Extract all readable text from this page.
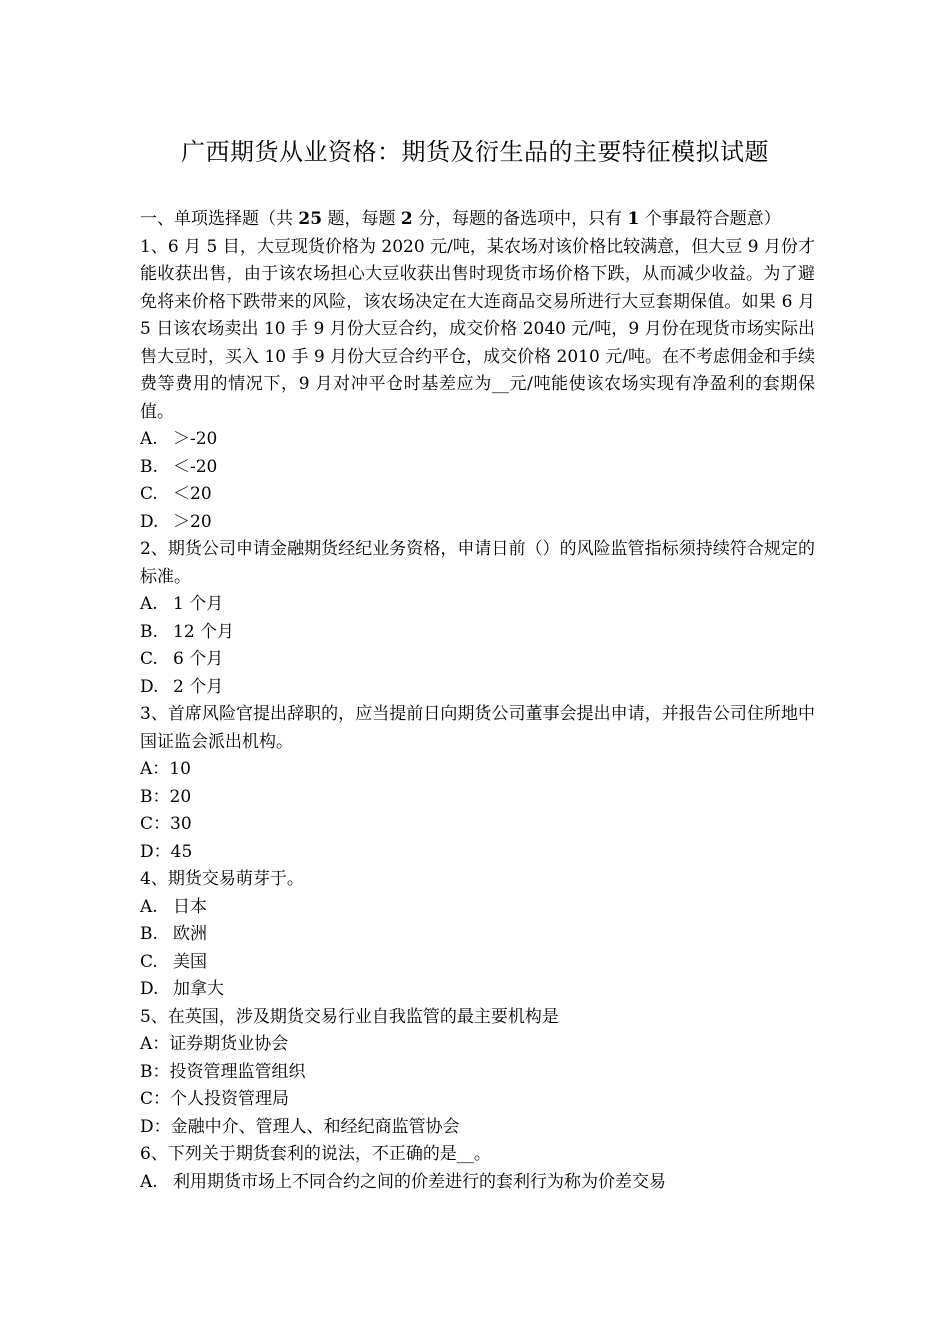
广西期货从业资格：期货及衍生品的主要特征模拟试题

一、单项选择题（共 25 题，每题 2 分，每题的备选项中，只有 1 个事最符合题意）

1、6 月 5 目，大豆现货价格为 2020 元/吨，某农场对该价格比较满意，但大豆 9 月份才能收获出售，由于该农场担心大豆收获出售时现货市场价格下跌，从而减少收益。为了避免将来价格下跌带来的风险，该农场决定在大连商品交易所进行大豆套期保值。如果 6 月 5 日该农场卖出 10 手 9 月份大豆合约，成交价格 2040 元/吨，9 月份在现货市场实际出售大豆时，买入 10 手 9 月份大豆合约平仓，成交价格 2010 元/吨。在不考虑佣金和手续费等费用的情况下，9 月对冲平仓时基差应为__元/吨能使该农场实现有净盈利的套期保值。

A. ＞-20

B. ＜-20

C. ＜20

D. ＞20

2、期货公司申请金融期货经纪业务资格，申请日前（）的风险监管指标须持续符合规定的标准。

A. 1 个月

B. 12 个月

C. 6 个月

D. 2 个月

3、首席风险官提出辞职的，应当提前日向期货公司董事会提出申请，并报告公司住所地中国证监会派出机构。

A：10

B：20

C：30

D：45

4、期货交易萌芽于。

A. 日本

B. 欧洲

C. 美国

D. 加拿大

5、在英国，涉及期货交易行业自我监管的最主要机构是

A：证券期货业协会

B：投资管理监管组织

C：个人投资管理局

D：金融中介、管理人、和经纪商监管协会

6、下列关于期货套利的说法，不正确的是__。

A. 利用期货市场上不同合约之间的价差进行的套利行为称为价差交易
